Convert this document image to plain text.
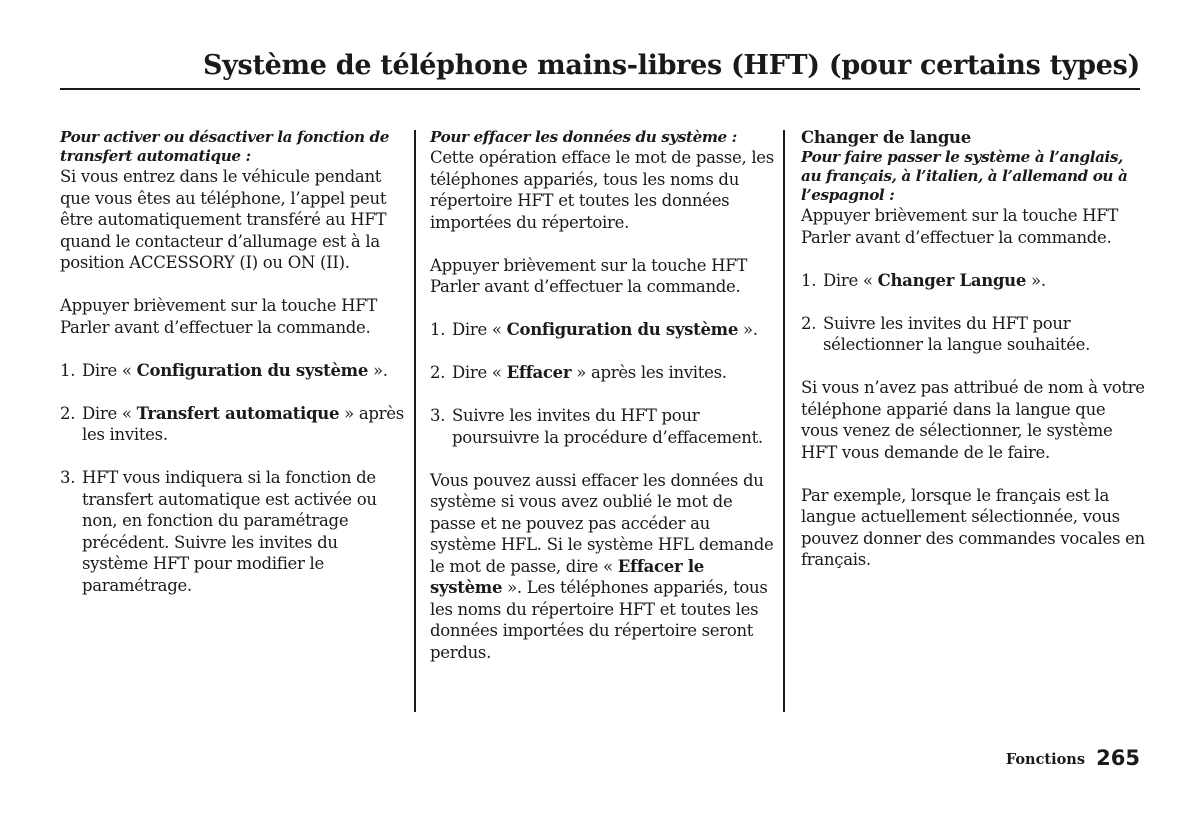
Système de téléphone mains-libres (HFT) (pour certains types)
Pour activer ou désactiver la fonction de transfert automatique :
Si vous entrez dans le véhicule pendant que vous êtes au téléphone, l’appel peut être automatiquement transféré au HFT quand le contacteur d’allumage est à la position ACCESSORY (I) ou ON (II).
Appuyer brièvement sur la touche HFT Parler avant d’effectuer la commande.
1. Dire « Configuration du système ».
2. Dire « Transfert automatique » après les invites.
3. HFT vous indiquera si la fonction de transfert automatique est activée ou non, en fonction du paramétrage précédent. Suivre les invites du système HFT pour modifier le paramétrage.
Pour effacer les données du système :
Cette opération efface le mot de passe, les téléphones appariés, tous les noms du répertoire HFT et toutes les données importées du répertoire.
Appuyer brièvement sur la touche HFT Parler avant d’effectuer la commande.
1. Dire « Configuration du système ».
2. Dire « Effacer » après les invites.
3. Suivre les invites du HFT pour poursuivre la procédure d’effacement.
Vous pouvez aussi effacer les données du système si vous avez oublié le mot de passe et ne pouvez pas accéder au système HFL. Si le système HFL demande le mot de passe, dire « Effacer le système ». Les téléphones appariés, tous les noms du répertoire HFT et toutes les données importées du répertoire seront perdus.
Changer de langue
Pour faire passer le système à l’anglais, au français, à l’italien, à l’allemand ou à l’espagnol :
Appuyer brièvement sur la touche HFT Parler avant d’effectuer la commande.
1. Dire « Changer Langue ».
2. Suivre les invites du HFT pour sélectionner la langue souhaitée.
Si vous n’avez pas attribué de nom à votre téléphone apparié dans la langue que vous venez de sélectionner, le système HFT vous demande de le faire.
Par exemple, lorsque le français est la langue actuellement sélectionnée, vous pouvez donner des commandes vocales en français.
Fonctions 265
